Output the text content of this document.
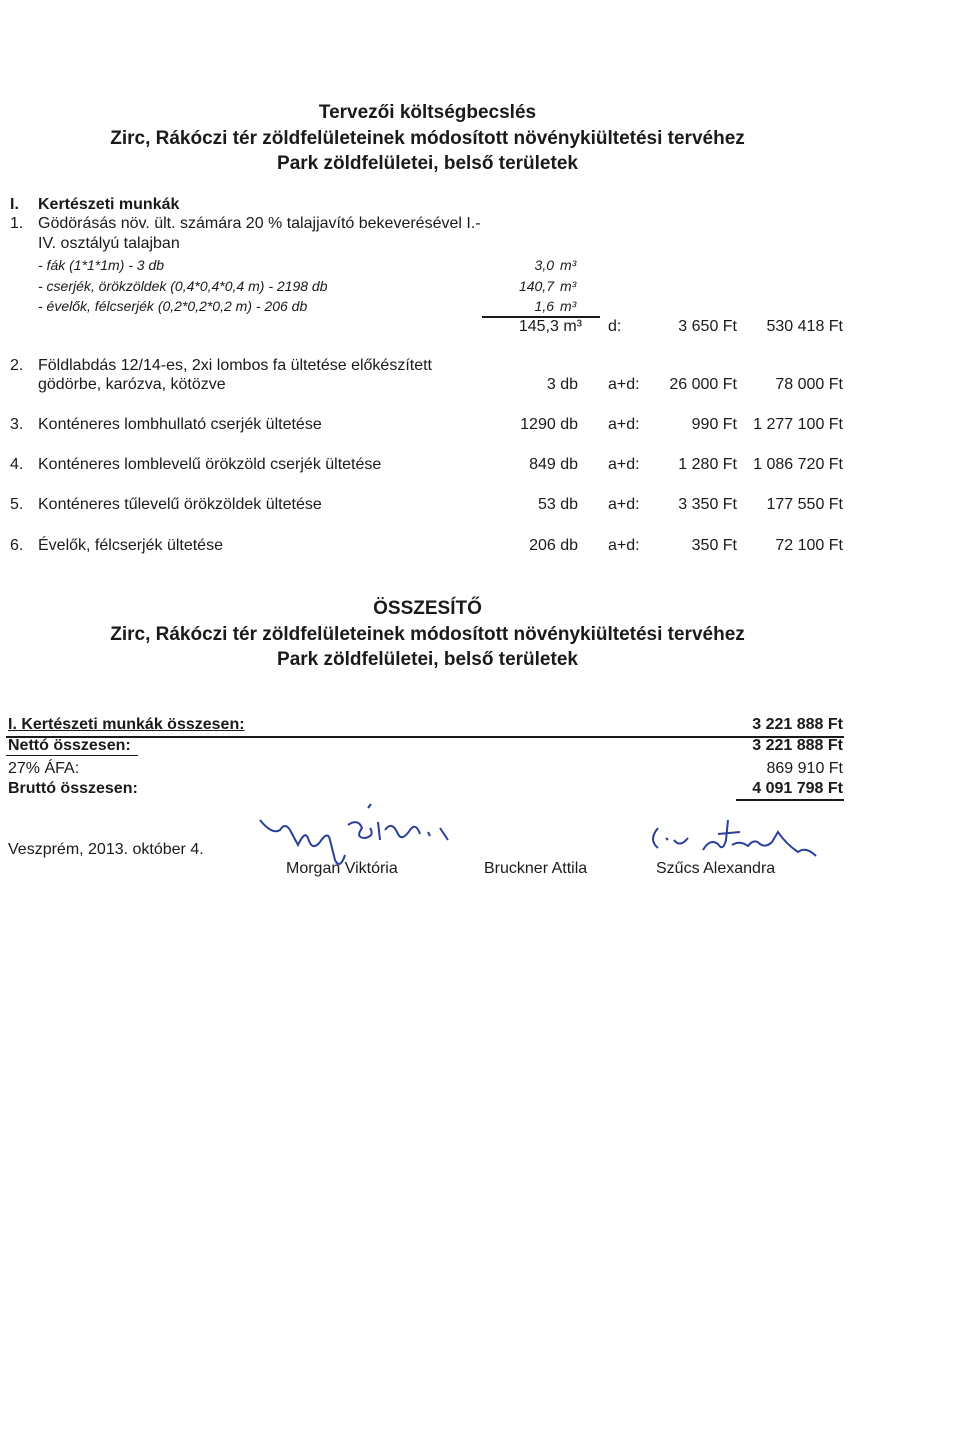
Tervezői költségbecslés
Zirc, Rákóczi tér zöldfelületeinek módosított növénykiültetési tervéhez
Park zöldfelületei, belső területek
I. Kertészeti munkák
1. Gödörásás növ. ült. számára 20 % talajjavító bekeverésével I.-
IV. osztályú talajban
- fák (1*1*1m) - 3 db	3,0 m³
- cserjék, örökzöldek (0,4*0,4*0,4 m) - 2198 db	140,7 m³
- évelők, félcserjék (0,2*0,2*0,2 m) - 206 db	1,6 m³
145,3 m³ d:	3 650 Ft	530 418 Ft
2. Földlabdás 12/14-es, 2xi lombos fa ültetése előkészített
gödörbe, karózva, kötözve	3 db a+d:	26 000 Ft	78 000 Ft
3. Konténeres lombhullató cserjék ültetése	1290 db a+d:	990 Ft	1 277 100 Ft
4. Konténeres lomblevelű örökzöld cserjék ültetése	849 db a+d:	1 280 Ft	1 086 720 Ft
5. Konténeres tűlevelű örökzöldek ültetése	53 db a+d:	3 350 Ft	177 550 Ft
6. Évelők, félcserjék ültetése	206 db a+d:	350 Ft	72 100 Ft
ÖSSZESÍTŐ
Zirc, Rákóczi tér zöldfelületeinek módosított növénykiültetési tervéhez
Park zöldfelületei, belső területek
I. Kertészeti munkák összesen:	3 221 888 Ft
Nettó összesen:	3 221 888 Ft
27% ÁFA:	869 910 Ft
Bruttó összesen:	4 091 798 Ft
Veszprém, 2013. október 4.
Morgan Viktória	Bruckner Attila	Szűcs Alexandra
